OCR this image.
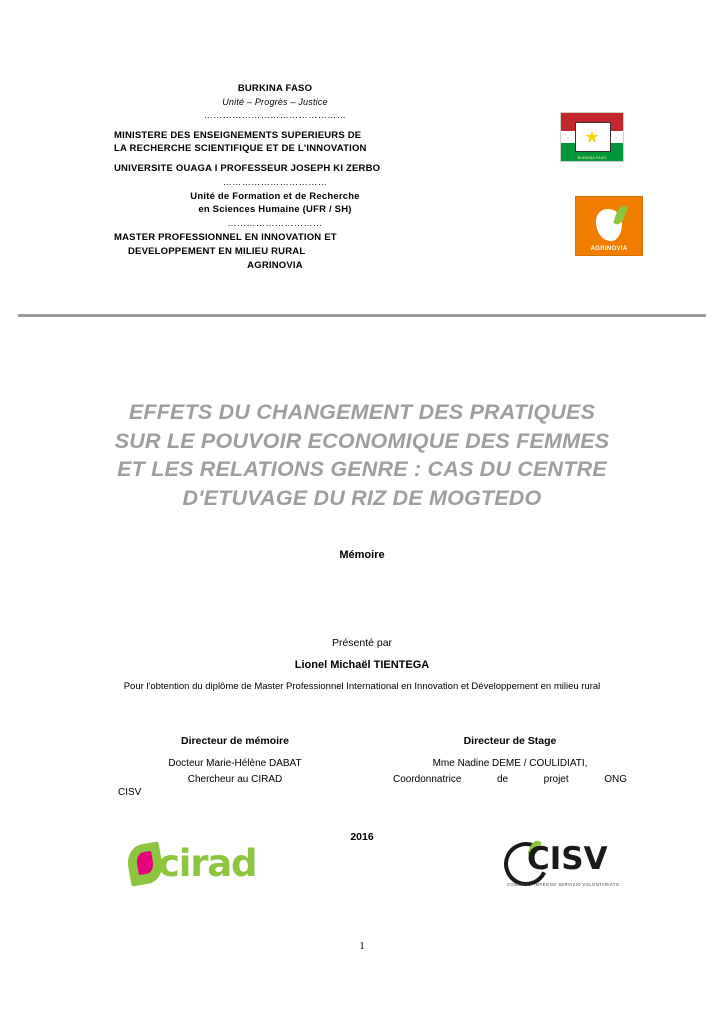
BURKINA FASO
Unité – Progrès – Justice
………………………………………
MINISTERE DES ENSEIGNEMENTS SUPERIEURS DE
LA RECHERCHE SCIENTIFIQUE ET DE L'INNOVATION
UNIVERSITE OUAGA I PROFESSEUR JOSEPH KI ZERBO
……………………………
Unité de Formation et de Recherche
en Sciences Humaine (UFR / SH)
…………………………
MASTER PROFESSIONNEL EN INNOVATION ET
DEVELOPPEMENT EN MILIEU RURAL
AGRINOVIA
★
BURKINA FASO
AGRINOVIA
EFFETS DU CHANGEMENT DES PRATIQUES SUR LE POUVOIR ECONOMIQUE DES FEMMES ET LES RELATIONS GENRE : CAS DU CENTRE D'ETUVAGE DU RIZ DE MOGTEDO
Mémoire
Présenté par
Lionel Michaël TIENTEGA
Pour l'obtention du diplôme de Master Professionnel International en Innovation et Développement en milieu rural
Directeur de mémoire
Docteur Marie-Hélène DABAT
Chercheur au CIRAD
CISV
Directeur de Stage
Mme Nadine DEME / COULIDIATI,
Coordonnatrice de projet ONG
2016
cirad	CISV
COMUNITÀ IMPEGNO SERVIZIO VOLONTARIATO
1
